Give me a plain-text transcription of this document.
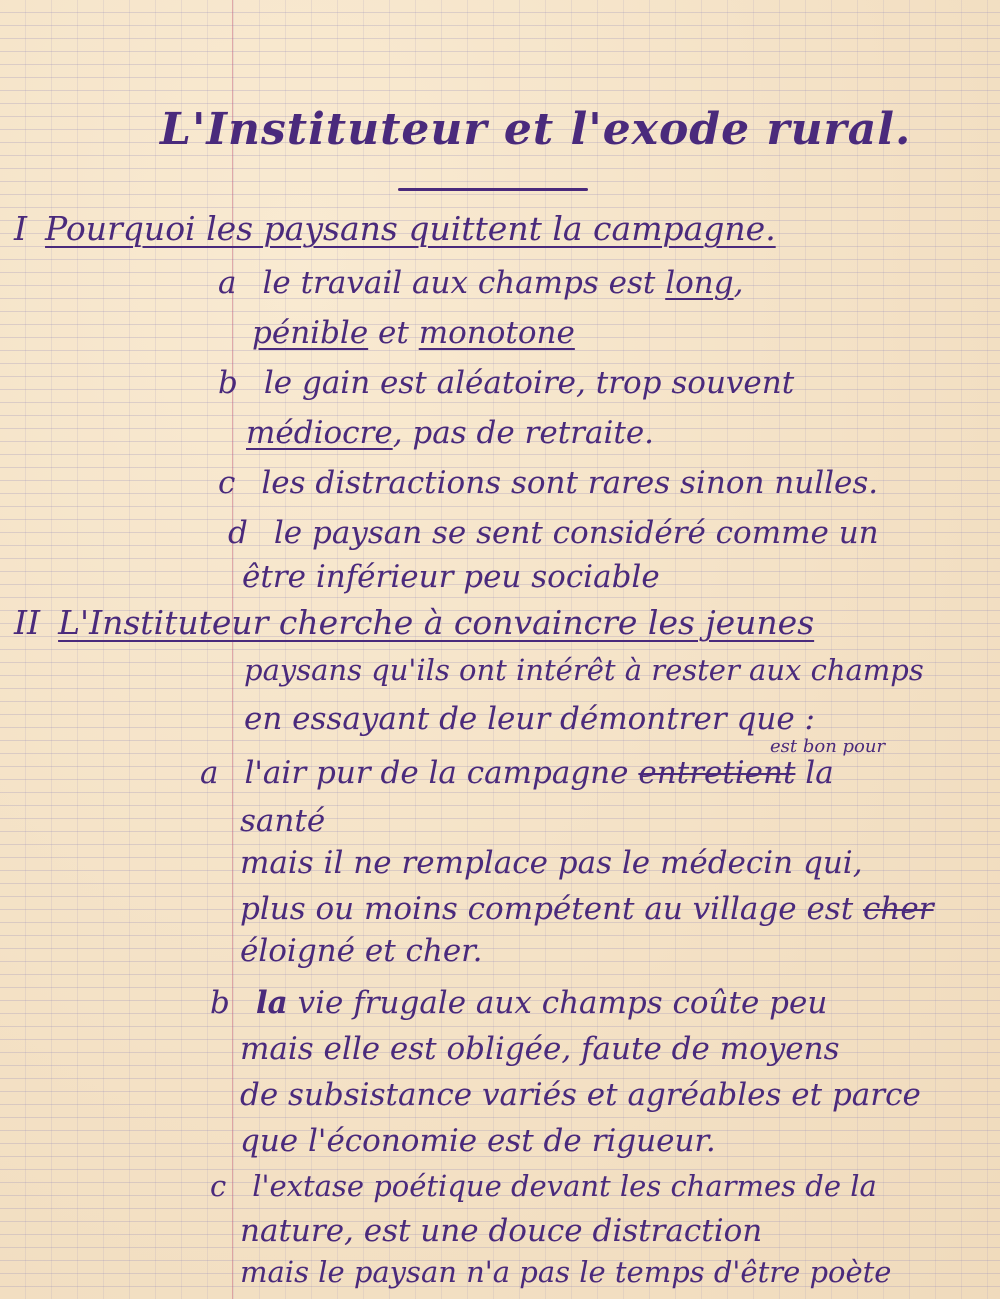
L'Instituteur et l'exode rural.
I Pourquoi les paysans quittent la campagne.
a le travail aux champs est long,
pénible et monotone
b le gain est aléatoire, trop souvent
médiocre, pas de retraite.
c les distractions sont rares sinon nulles.
d le paysan se sent considéré comme un
être inférieur peu sociable
II L'Instituteur cherche à convaincre les jeunes
paysans qu'ils ont intérêt à rester aux champs
en essayant de leur démontrer que :

est bon pour

a l'air pur de la campagne entretient la
santé
mais il ne remplace pas le médecin qui,
plus ou moins compétent au village est cher
éloigné et cher.
b la vie frugale aux champs coûte peu
mais elle est obligée, faute de moyens
de subsistance variés et agréables et parce
que l'économie est de rigueur.
c l'extase poétique devant les charmes de la
nature, est une douce distraction
mais le paysan n'a pas le temps d'être poète
